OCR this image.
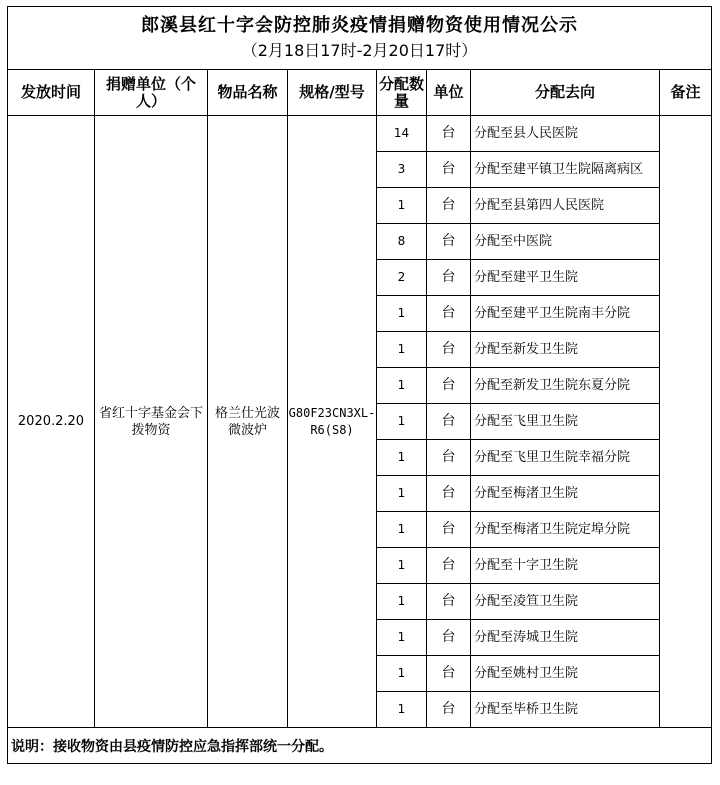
郎溪县红十字会防控肺炎疫情捐赠物资使用情况公示
（2月18日17时-2月20日17时）							

发放时间	捐赠单位（个人）	物品名称	规格/型号	分配数量	单位	分配去向	备注
2020.2.20	省红十字基金会下拨物资	格兰仕光波微波炉	G80F23CN3XL-R6(S8)	14	台	分配至县人民医院	
				3	台	分配至建平镇卫生院隔离病区	
				1	台	分配至县第四人民医院	
				8	台	分配至中医院	
				2	台	分配至建平卫生院	
				1	台	分配至建平卫生院南丰分院	
				1	台	分配至新发卫生院	
				1	台	分配至新发卫生院东夏分院	
				1	台	分配至飞里卫生院	
				1	台	分配至飞里卫生院幸福分院	
				1	台	分配至梅渚卫生院	
				1	台	分配至梅渚卫生院定埠分院	
				1	台	分配至十字卫生院	
				1	台	分配至凌笪卫生院	
				1	台	分配至涛城卫生院	
				1	台	分配至姚村卫生院	
				1	台	分配至毕桥卫生院	
说明：接收物资由县疫情防控应急指挥部统一分配。							
